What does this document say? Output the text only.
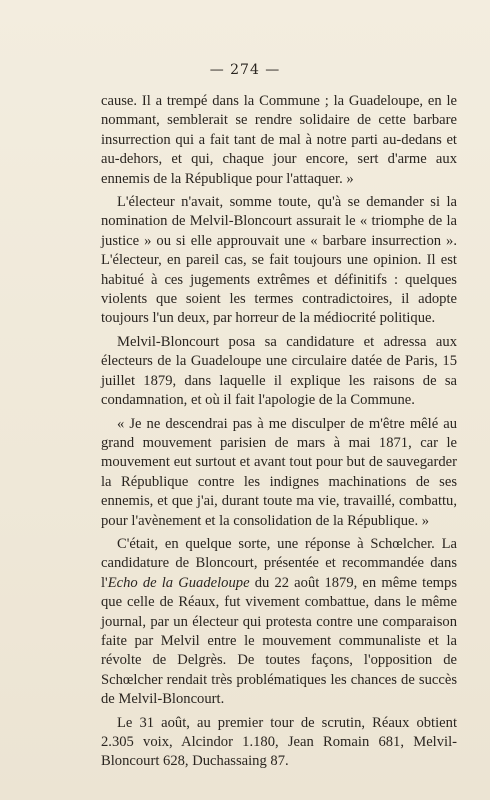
— 274 —

cause. Il a trempé dans la Commune ; la Guadeloupe, en le nommant, semblerait se rendre solidaire de cette barbare insurrection qui a fait tant de mal à notre parti au-dedans et au-dehors, et qui, chaque jour encore, sert d'arme aux ennemis de la République pour l'attaquer. »

L'électeur n'avait, somme toute, qu'à se demander si la nomination de Melvil-Bloncourt assurait le « triomphe de la justice » ou si elle approuvait une « barbare insurrection ». L'électeur, en pareil cas, se fait toujours une opinion. Il est habitué à ces jugements extrêmes et définitifs : quelques violents que soient les termes contradictoires, il adopte toujours l'un deux, par horreur de la médiocrité politique.

Melvil-Bloncourt posa sa candidature et adressa aux électeurs de la Guadeloupe une circulaire datée de Paris, 15 juillet 1879, dans laquelle il explique les raisons de sa condamnation, et où il fait l'apologie de la Commune.

« Je ne descendrai pas à me disculper de m'être mêlé au grand mouvement parisien de mars à mai 1871, car le mouvement eut surtout et avant tout pour but de sauvegarder la République contre les indignes machinations de ses ennemis, et que j'ai, durant toute ma vie, travaillé, combattu, pour l'avènement et la consolidation de la République. »

C'était, en quelque sorte, une réponse à Schœlcher. La candidature de Bloncourt, présentée et recommandée dans l'Echo de la Guadeloupe du 22 août 1879, en même temps que celle de Réaux, fut vivement combattue, dans le même journal, par un électeur qui protesta contre une comparaison faite par Melvil entre le mouvement communaliste et la révolte de Delgrès. De toutes façons, l'opposition de Schœlcher rendait très problématiques les chances de succès de Melvil-Bloncourt.

Le 31 août, au premier tour de scrutin, Réaux obtient 2.305 voix, Alcindor 1.180, Jean Romain 681, Melvil-Bloncourt 628, Duchassaing 87.
